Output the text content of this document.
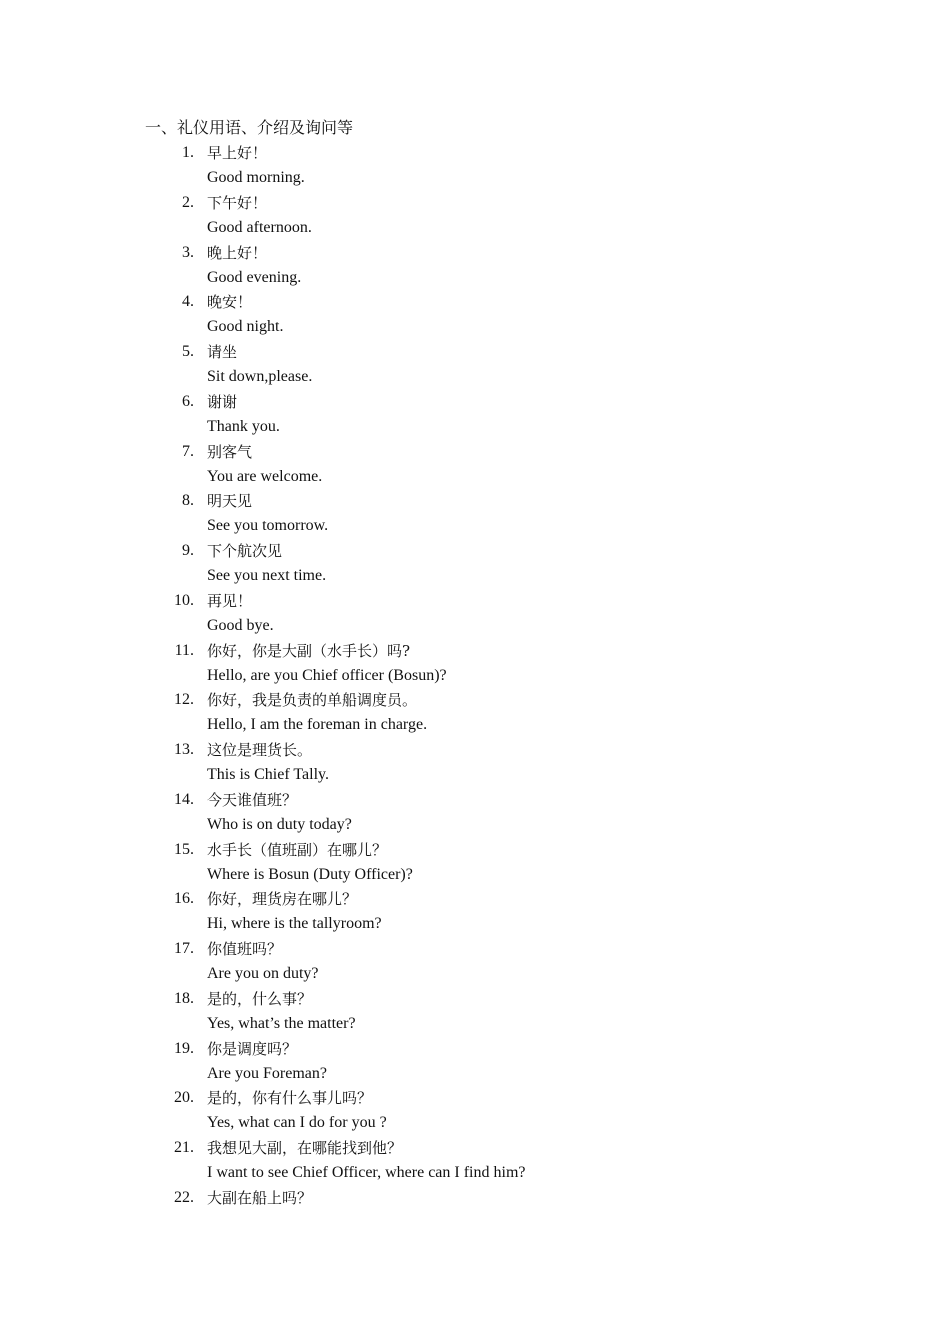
一、礼仪用语、介绍及询问等
1. 早上好！
Good morning.
2. 下午好！
Good afternoon.
3. 晚上好！
Good evening.
4. 晚安！
Good night.
5. 请坐
Sit down,please.
6. 谢谢
Thank you.
7. 别客气
You are welcome.
8. 明天见
See you tomorrow.
9. 下个航次见
See you next time.
10. 再见！
Good bye.
11. 你好，你是大副（水手长）吗?
Hello, are you Chief officer (Bosun)?
12. 你好，我是负责的单船调度员。
Hello, I am the foreman in charge.
13. 这位是理货长。
This is Chief Tally.
14. 今天谁值班？
Who is on duty today?
15. 水手长（值班副）在哪儿？
Where is Bosun (Duty Officer)?
16. 你好，理货房在哪儿？
Hi, where is the tallyroom?
17. 你值班吗？
Are you on duty?
18. 是的，什么事？
Yes, what’s the matter?
19. 你是调度吗？
Are you Foreman?
20. 是的，你有什么事儿吗？
Yes, what can I do for you ?
21. 我想见大副，在哪能找到他？
I want to see Chief Officer, where can I find him?
22. 大副在船上吗？
